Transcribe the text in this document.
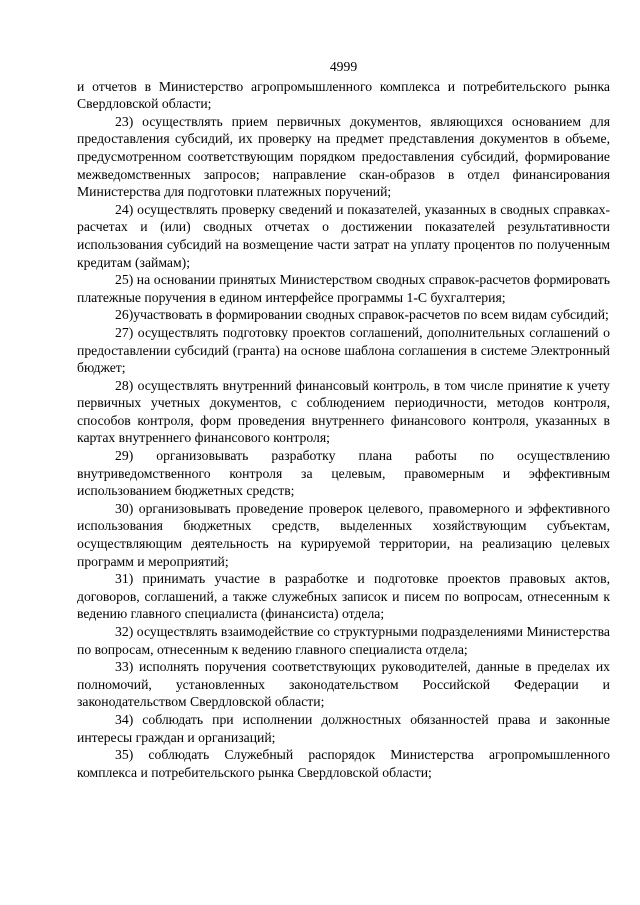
4999

и отчетов в Министерство агропромышленного комплекса и потребительского рынка Свердловской области;

23) осуществлять прием первичных документов, являющихся основанием для предоставления субсидий, их проверку на предмет представления документов в объеме, предусмотренном соответствующим порядком предоставления субсидий, формирование межведомственных запросов; направление скан-образов в отдел финансирования Министерства для подготовки платежных поручений;

24) осуществлять проверку сведений и показателей, указанных в сводных справках-расчетах и (или) сводных отчетах о достижении показателей результативности использования субсидий на возмещение части затрат на уплату процентов по полученным кредитам (займам);

25) на основании принятых Министерством сводных справок-расчетов формировать платежные поручения в едином интерфейсе программы 1-С бухгалтерия;

26)участвовать в формировании сводных справок-расчетов по всем видам субсидий;

27) осуществлять подготовку проектов соглашений, дополнительных соглашений о предоставлении субсидий (гранта) на основе шаблона соглашения в системе Электронный бюджет;

28) осуществлять внутренний финансовый контроль, в том числе принятие к учету первичных учетных документов, с соблюдением периодичности, методов контроля, способов контроля, форм проведения внутреннего финансового контроля, указанных в картах внутреннего финансового контроля;

29) организовывать разработку плана работы по осуществлению внутриведомственного контроля за целевым, правомерным и эффективным использованием бюджетных средств;

30) организовывать проведение проверок целевого, правомерного и эффективного использования бюджетных средств, выделенных хозяйствующим субъектам, осуществляющим деятельность на курируемой территории, на реализацию целевых программ и мероприятий;

31) принимать участие в разработке и подготовке проектов правовых актов, договоров, соглашений, а также служебных записок и писем по вопросам, отнесенным к ведению главного специалиста (финансиста) отдела;

32) осуществлять взаимодействие со структурными подразделениями Министерства по вопросам, отнесенным к ведению главного специалиста отдела;

33) исполнять поручения соответствующих руководителей, данные в пределах их полномочий, установленных законодательством Российской Федерации и законодательством Свердловской области;

34) соблюдать при исполнении должностных обязанностей права и законные интересы граждан и организаций;

35) соблюдать Служебный распорядок Министерства агропромышленного комплекса и потребительского рынка Свердловской области;
